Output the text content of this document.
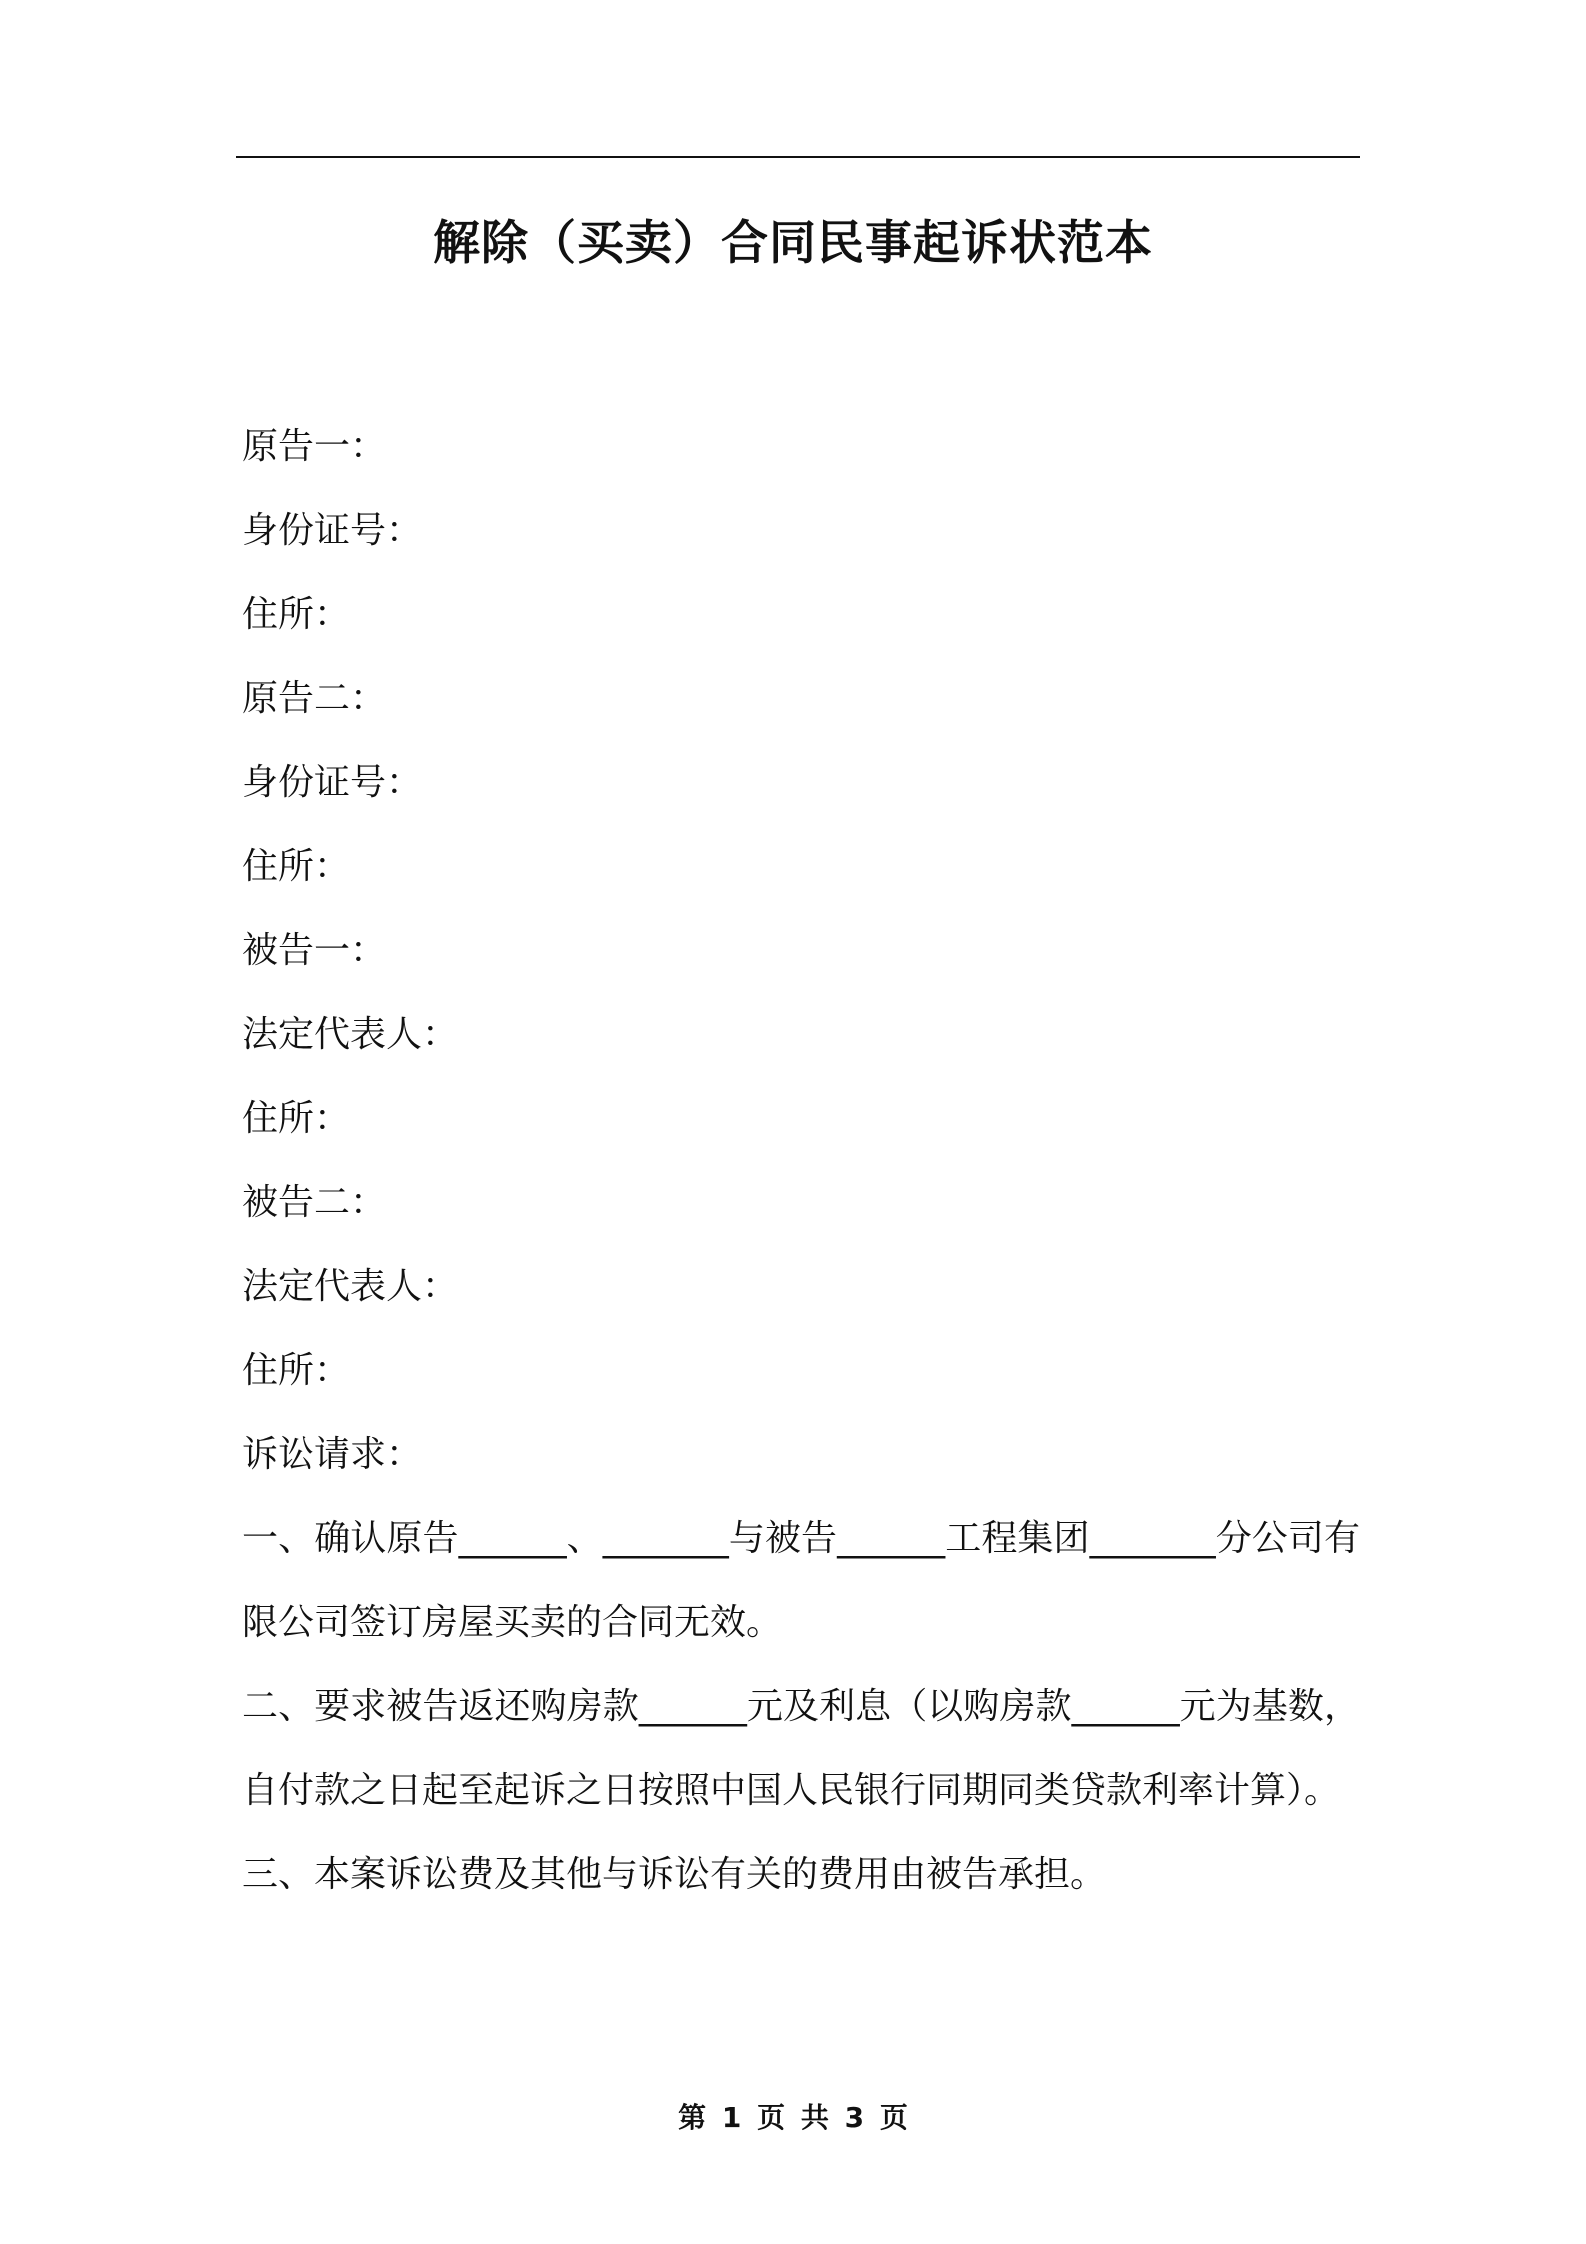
解除（买卖）合同民事起诉状范本
原告一：
身份证号：
住所：
原告二：
身份证号：
住所：
被告一：
法定代表人：
住所：
被告二：
法定代表人：
住所：
诉讼请求：
一、确认原告______、_______与被告______工程集团_______分公司有限公司签订房屋买卖的合同无效。
二、要求被告返还购房款______元及利息（以购房款______元为基数，自付款之日起至起诉之日按照中国人民银行同期同类贷款利率计算）。
三、本案诉讼费及其他与诉讼有关的费用由被告承担。
第 1 页 共 3 页
